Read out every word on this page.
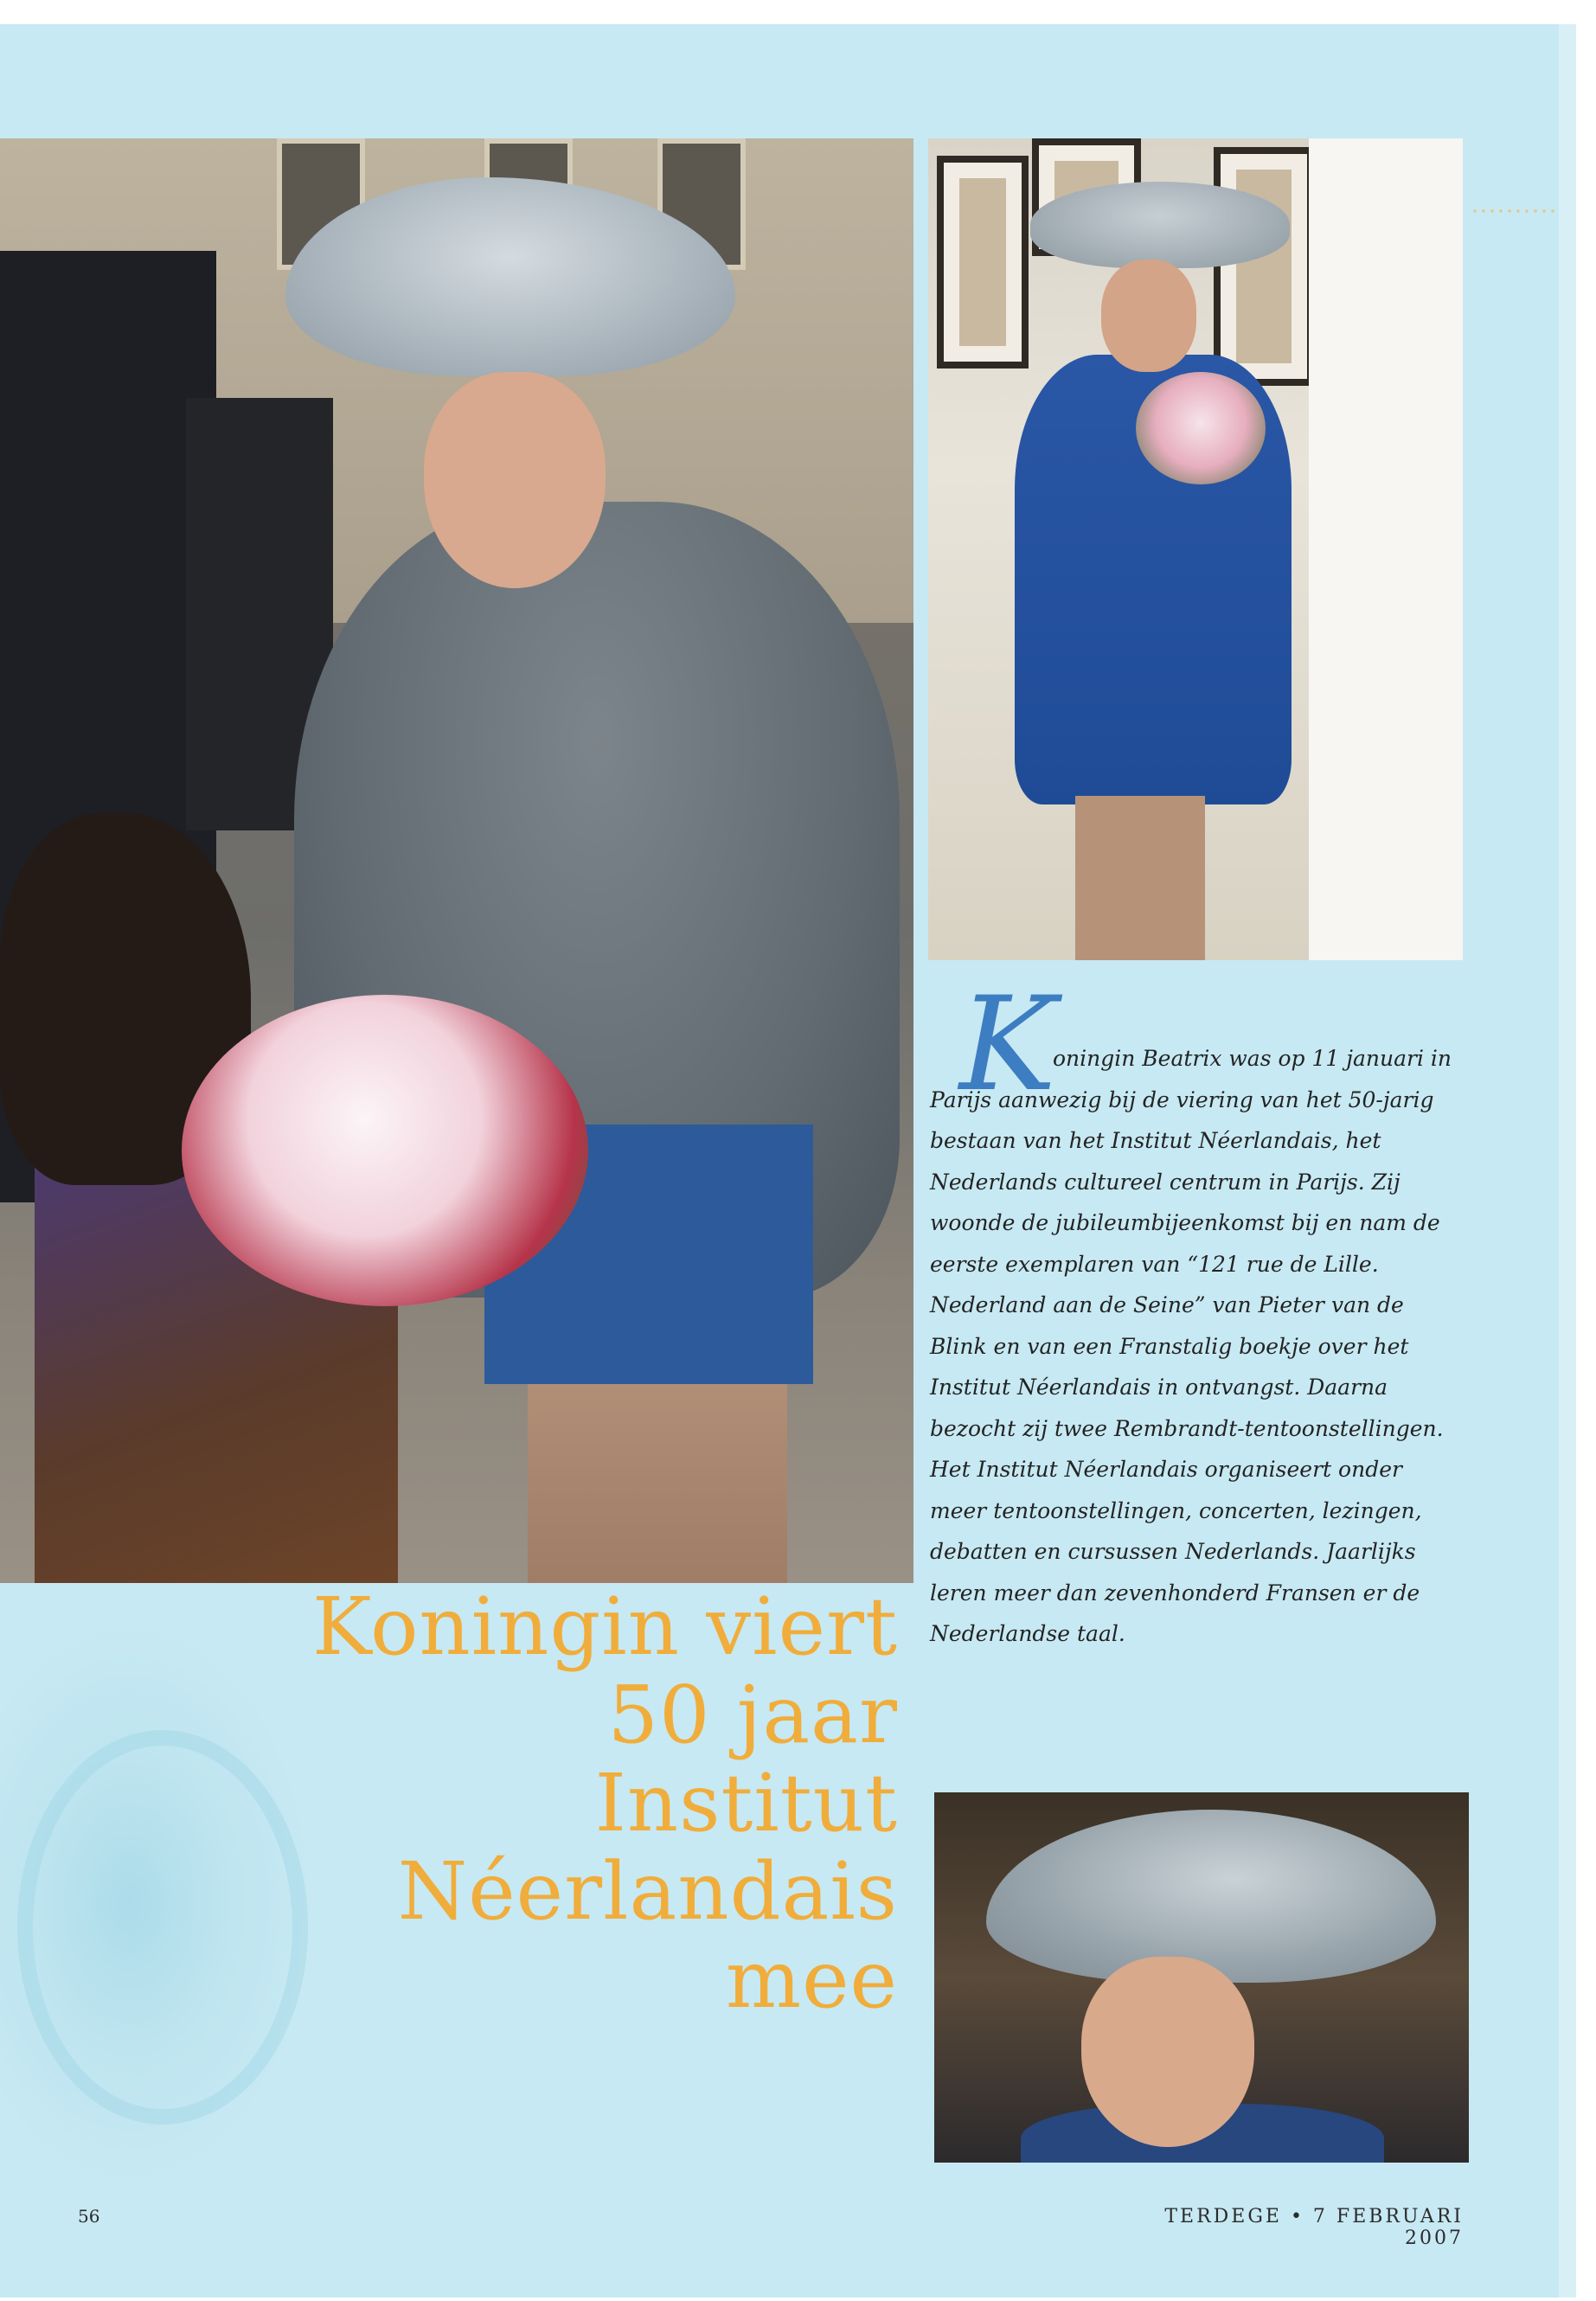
K

oningin Beatrix was op 11 januari in Parijs aanwezig bij de viering van het 50-jarig bestaan van het Institut Néerlandais, het Nederlands cultureel centrum in Parijs. Zij woonde de jubileumbijeenkomst bij en nam de eerste exemplaren van “121 rue de Lille. Nederland aan de Seine” van Pieter van de Blink en van een Franstalig boekje over het Institut Néerlandais in ontvangst. Daarna bezocht zij twee Rembrandt-tentoonstellingen. Het Institut Néerlandais organiseert onder meer tentoonstellingen, concerten, lezingen, debatten en cursussen Nederlands. Jaarlijks leren meer dan zevenhonderd Fransen er de Nederlandse taal.

Koningin viert
50 jaar
Institut
Néerlandais
mee
56	TERDEGE • 7 FEBRUARI 2007
